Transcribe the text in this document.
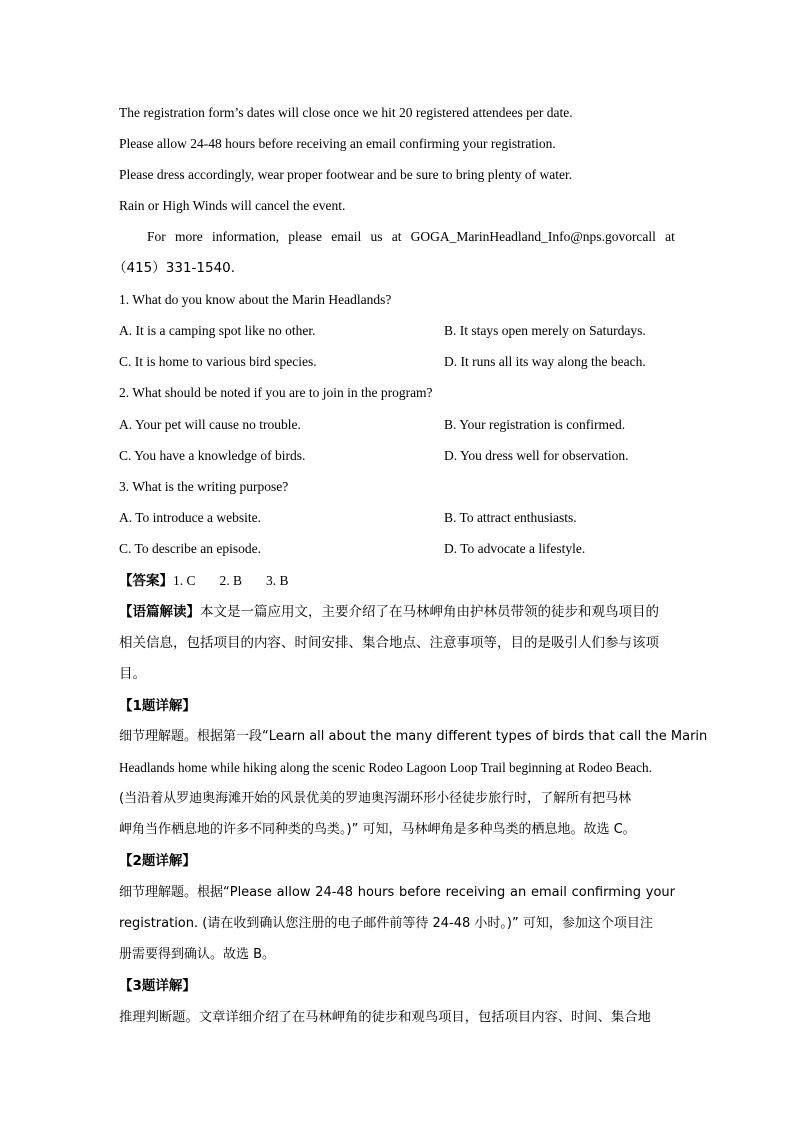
The registration form’s dates will close once we hit 20 registered attendees per date.
Please allow 24-48 hours before receiving an email confirming your registration.
Please dress accordingly, wear proper footwear and be sure to bring plenty of water.
Rain or High Winds will cancel the event.
For more information, please email us at GOGA_MarinHeadland_Info@nps.govorcall at
（415）331-1540.
1. What do you know about the Marin Headlands?
A. It is a camping spot like no other.	B. It stays open merely on Saturdays.
C. It is home to various bird species.	D. It runs all its way along the beach.
2. What should be noted if you are to join in the program?
A. Your pet will cause no trouble.	B. Your registration is confirmed.
C. You have a knowledge of birds.	D. You dress well for observation.
3. What is the writing purpose?
A. To introduce a website.	B. To attract enthusiasts.
C. To describe an episode.	D. To advocate a lifestyle.
【答案】1. C 2. B 3. B
【语篇解读】本文是一篇应用文，主要介绍了在马林岬角由护林员带领的徒步和观鸟项目的
相关信息，包括项目的内容、时间安排、集合地点、注意事项等，目的是吸引人们参与该项
目。
【1题详解】
细节理解题。根据第一段“Learn all about the many different types of birds that call the Marin
Headlands home while hiking along the scenic Rodeo Lagoon Loop Trail beginning at Rodeo Beach.
(当沿着从罗迪奥海滩开始的风景优美的罗迪奥泻湖环形小径徒步旅行时，了解所有把马林
岬角当作栖息地的许多不同种类的鸟类。)” 可知，马林岬角是多种鸟类的栖息地。故选 C。
【2题详解】
细节理解题。根据“Please allow 24-48 hours before receiving an email confirming your
registration. (请在收到确认您注册的电子邮件前等待 24-48 小时。)” 可知，参加这个项目注
册需要得到确认。故选 B。
【3题详解】
推理判断题。文章详细介绍了在马林岬角的徒步和观鸟项目，包括项目内容、时间、集合地
